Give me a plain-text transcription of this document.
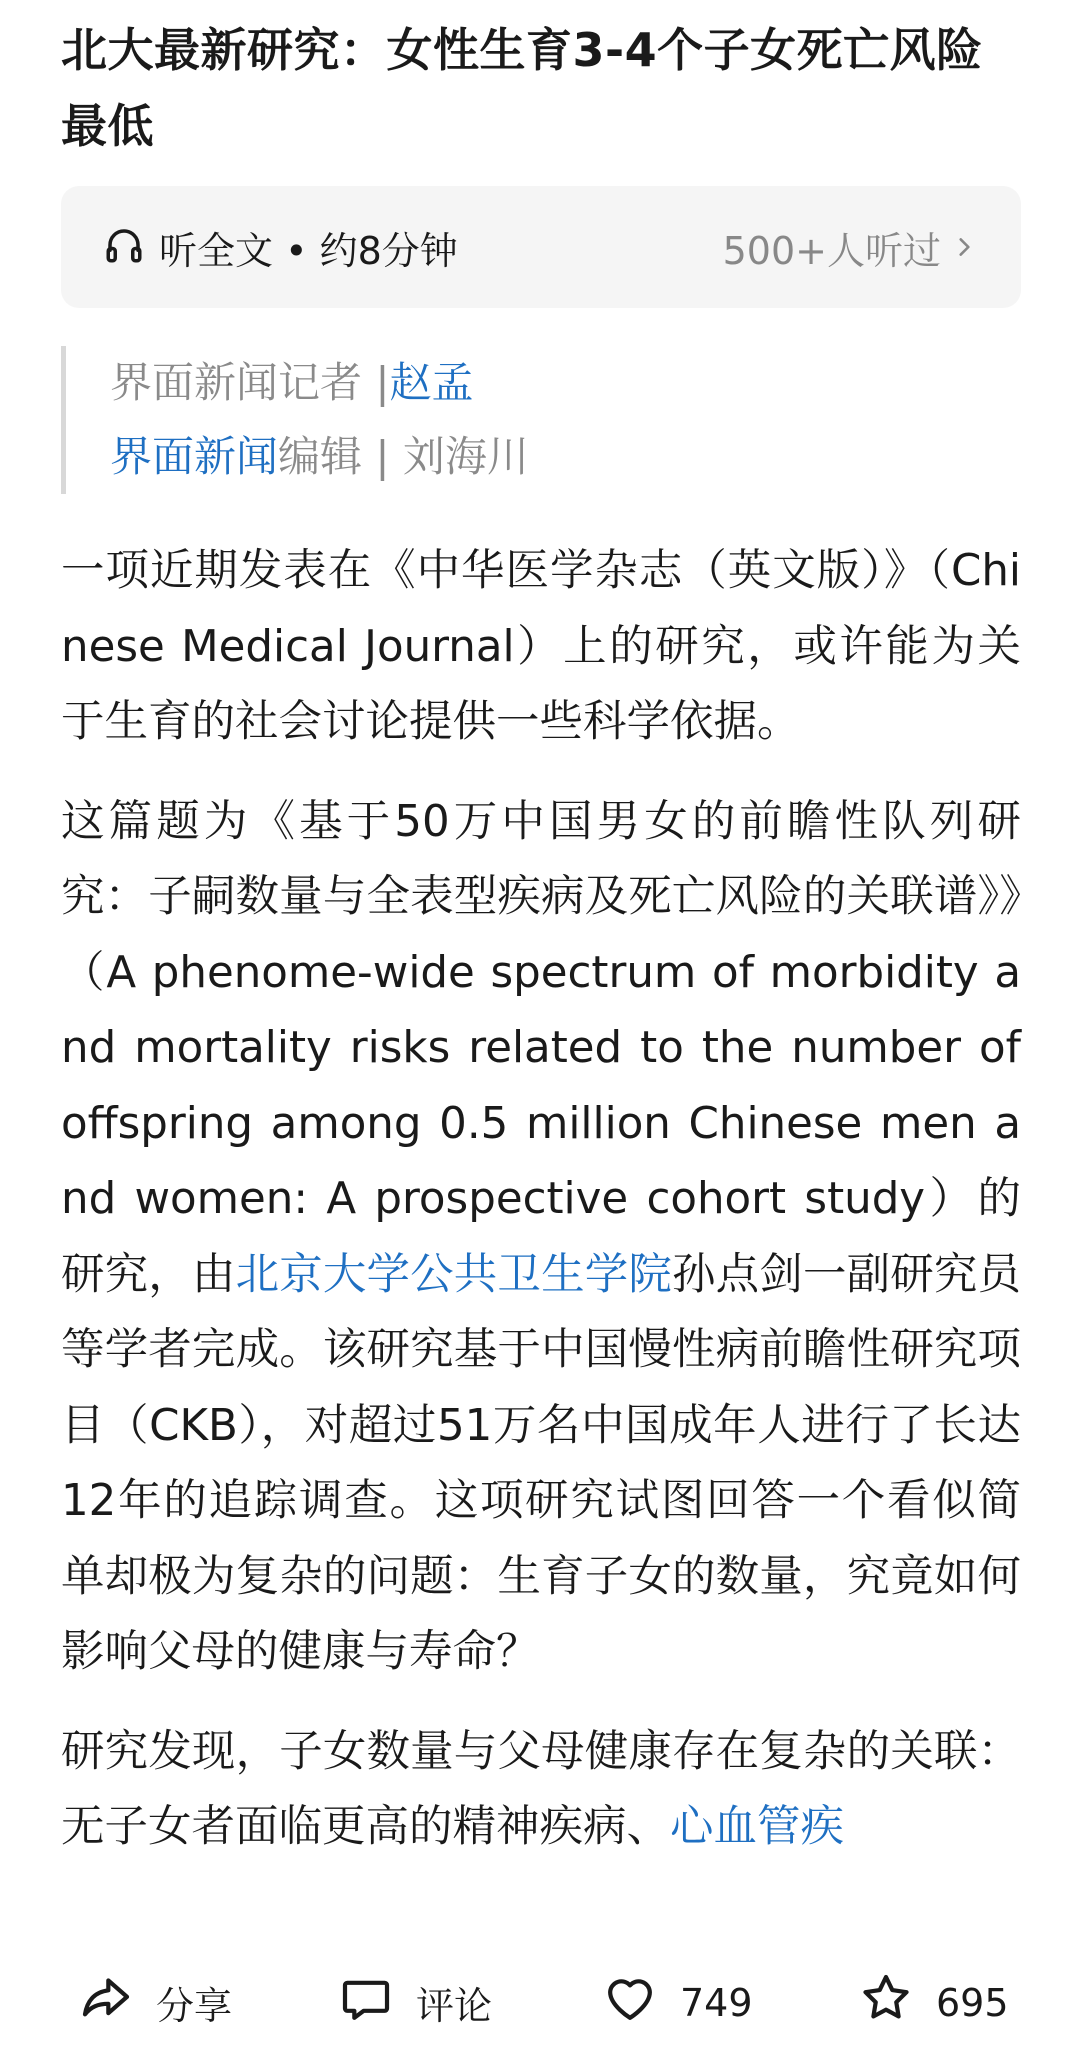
北大最新研究：女性生育3-4个子女死亡风险最低
听全文 • 约8分钟	500+人听过
界面新闻记者 |赵孟
界面新闻编辑 | 刘海川

一项近期发表在《中华医学杂志（英文版）》（Chinese Medical Journal）上的研究，或许能为关于生育的社会讨论提供一些科学依据。

这篇题为《基于50万中国男女的前瞻性队列研究：子嗣数量与全表型疾病及死亡风险的关联谱》》（A phenome-wide spectrum of morbidity and mortality risks related to the number of offspring among 0.5 million Chinese men and women: A prospective cohort study）的研究，由北京大学公共卫生学院孙点剑一副研究员等学者完成。该研究基于中国慢性病前瞻性研究项目（CKB），对超过51万名中国成年人进行了长达12年的追踪调查。这项研究试图回答一个看似简单却极为复杂的问题：生育子女的数量，究竟如何影响父母的健康与寿命？

研究发现，子女数量与父母健康存在复杂的关联：无子女者面临更高的精神疾病、心血管疾

分享	评论	749	695
